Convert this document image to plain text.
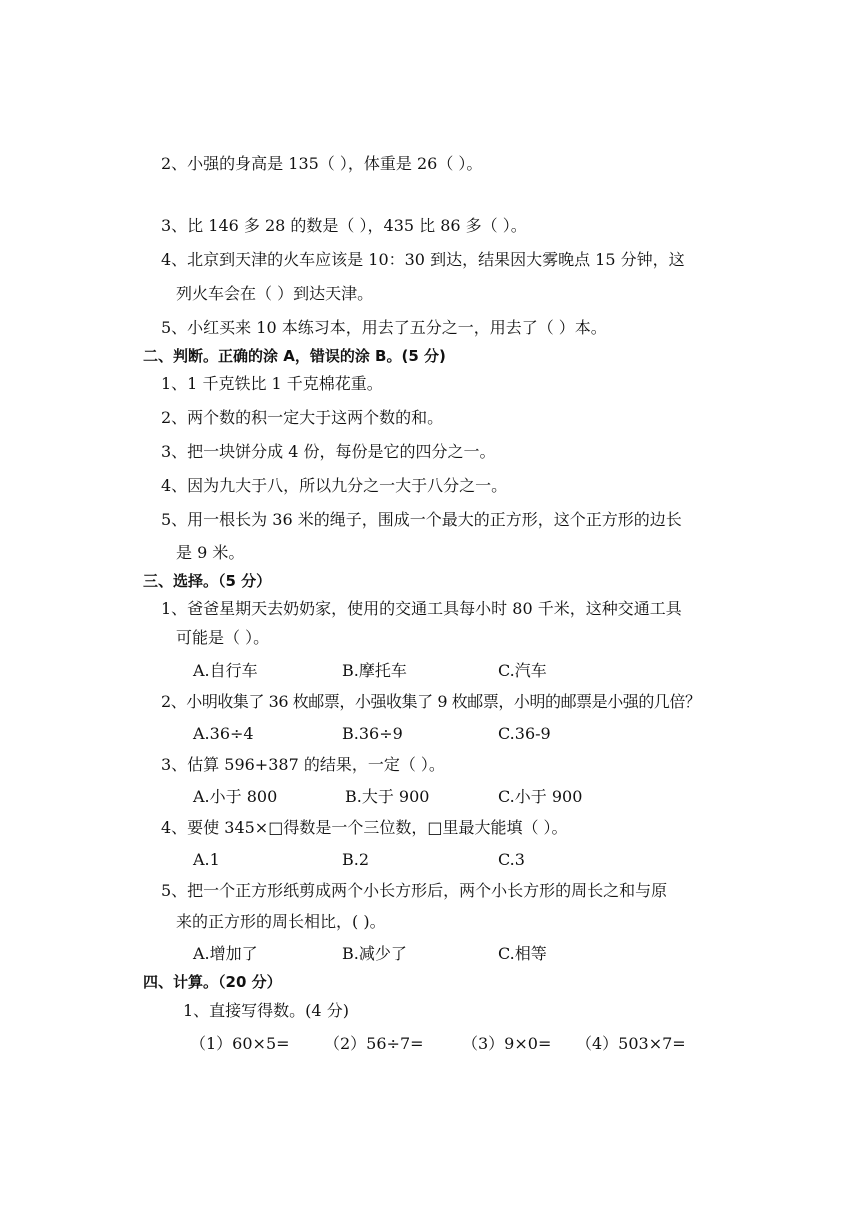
2、小强的身高是 135（ ），体重是 26（ ）。
3、比 146 多 28 的数是（ ），435 比 86 多（ ）。
4、北京到天津的火车应该是 10：30 到达，结果因大雾晚点 15 分钟，这
列火车会在（ ）到达天津。
5、小红买来 10 本练习本，用去了五分之一，用去了（ ）本。
二、判断。正确的涂 A，错误的涂 B。(5 分)
1、1 千克铁比 1 千克棉花重。
2、两个数的积一定大于这两个数的和。
3、把一块饼分成 4 份，每份是它的四分之一。
4、因为九大于八，所以九分之一大于八分之一。
5、用一根长为 36 米的绳子，围成一个最大的正方形，这个正方形的边长
是 9 米。
三、选择。（5 分）
1、爸爸星期天去奶奶家，使用的交通工具每小时 80 千米，这种交通工具
可能是（ ）。
A.自行车	B.摩托车	C.汽车
2、小明收集了 36 枚邮票，小强收集了 9 枚邮票，小明的邮票是小强的几倍？
A.36÷4	B.36÷9	C.36-9
3、估算 596+387 的结果，一定（ ）。
A.小于 800	B.大于 900	C.小于 900
4、要使 345×□得数是一个三位数，□里最大能填（ ）。
A.1	B.2	C.3
5、把一个正方形纸剪成两个小长方形后，两个小长方形的周长之和与原
来的正方形的周长相比，( )。
A.增加了	B.减少了	C.相等
四、计算。（20 分）
1、直接写得数。(4 分)
（1）60×5= （2）56÷7= （3）9×0= （4）503×7=
